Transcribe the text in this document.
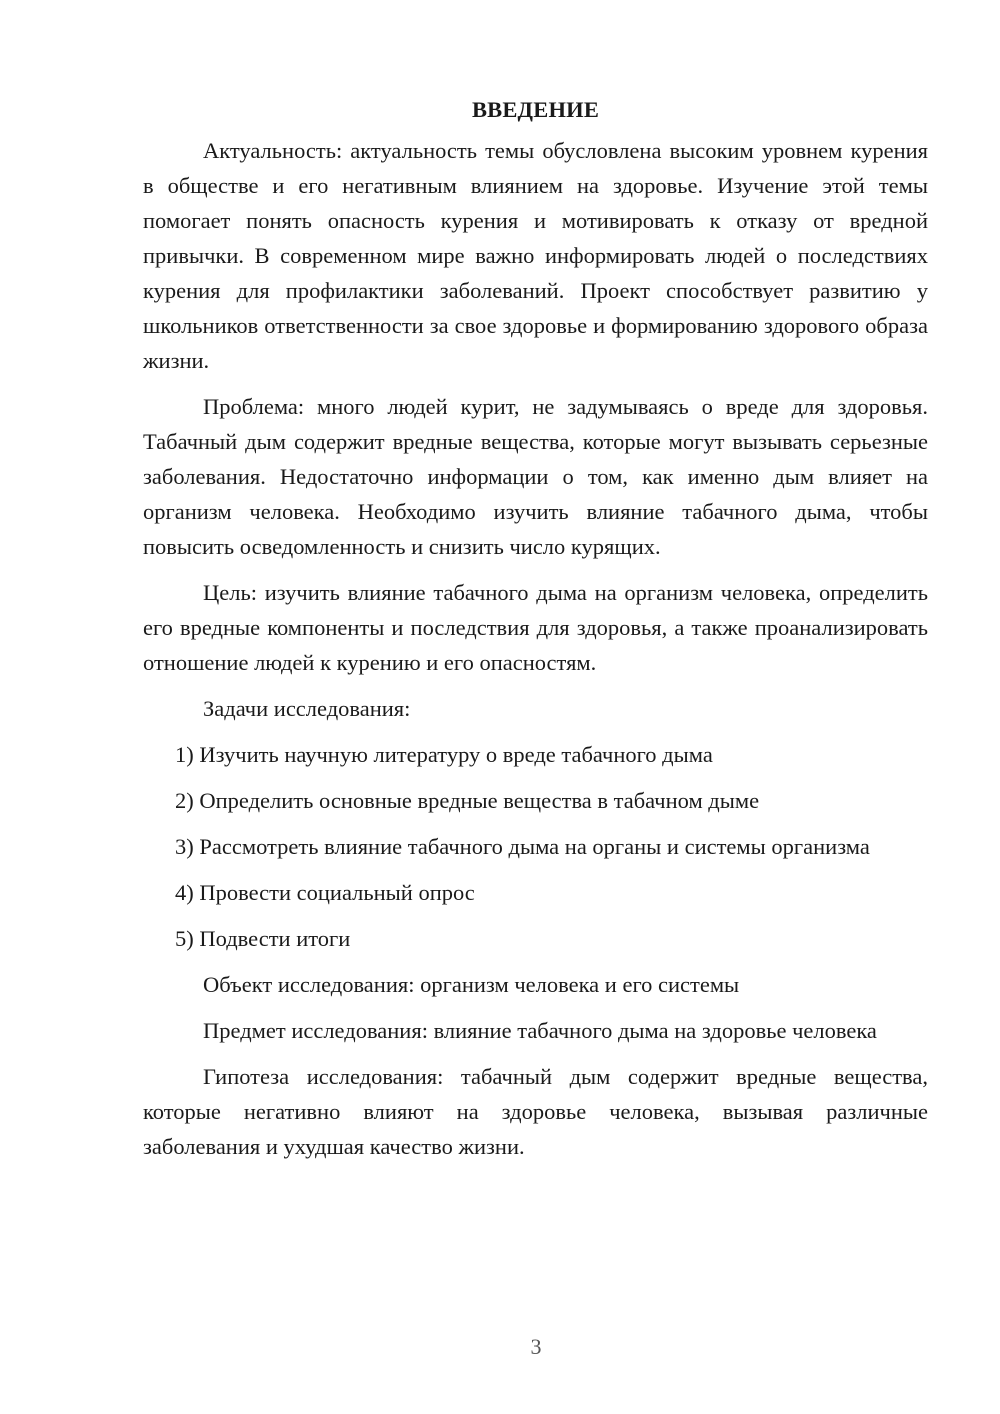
ВВЕДЕНИЕ

Актуальность: актуальность темы обусловлена высоким уровнем курения в обществе и его негативным влиянием на здоровье. Изучение этой темы помогает понять опасность курения и мотивировать к отказу от вредной привычки. В современном мире важно информировать людей о последствиях курения для профилактики заболеваний. Проект способствует развитию у школьников ответственности за свое здоровье и формированию здорового образа жизни.

Проблема: много людей курит, не задумываясь о вреде для здоровья. Табачный дым содержит вредные вещества, которые могут вызывать серьезные заболевания. Недостаточно информации о том, как именно дым влияет на организм человека. Необходимо изучить влияние табачного дыма, чтобы повысить осведомленность и снизить число курящих.

Цель: изучить влияние табачного дыма на организм человека, определить его вредные компоненты и последствия для здоровья, а также проанализировать отношение людей к курению и его опасностям.

Задачи исследования:

1) Изучить научную литературу о вреде табачного дыма

2) Определить основные вредные вещества в табачном дыме

3) Рассмотреть влияние табачного дыма на органы и системы организма

4) Провести социальный опрос

5) Подвести итоги

Объект исследования: организм человека и его системы

Предмет исследования: влияние табачного дыма на здоровье человека

Гипотеза исследования: табачный дым содержит вредные вещества, которые негативно влияют на здоровье человека, вызывая различные заболевания и ухудшая качество жизни.

3
